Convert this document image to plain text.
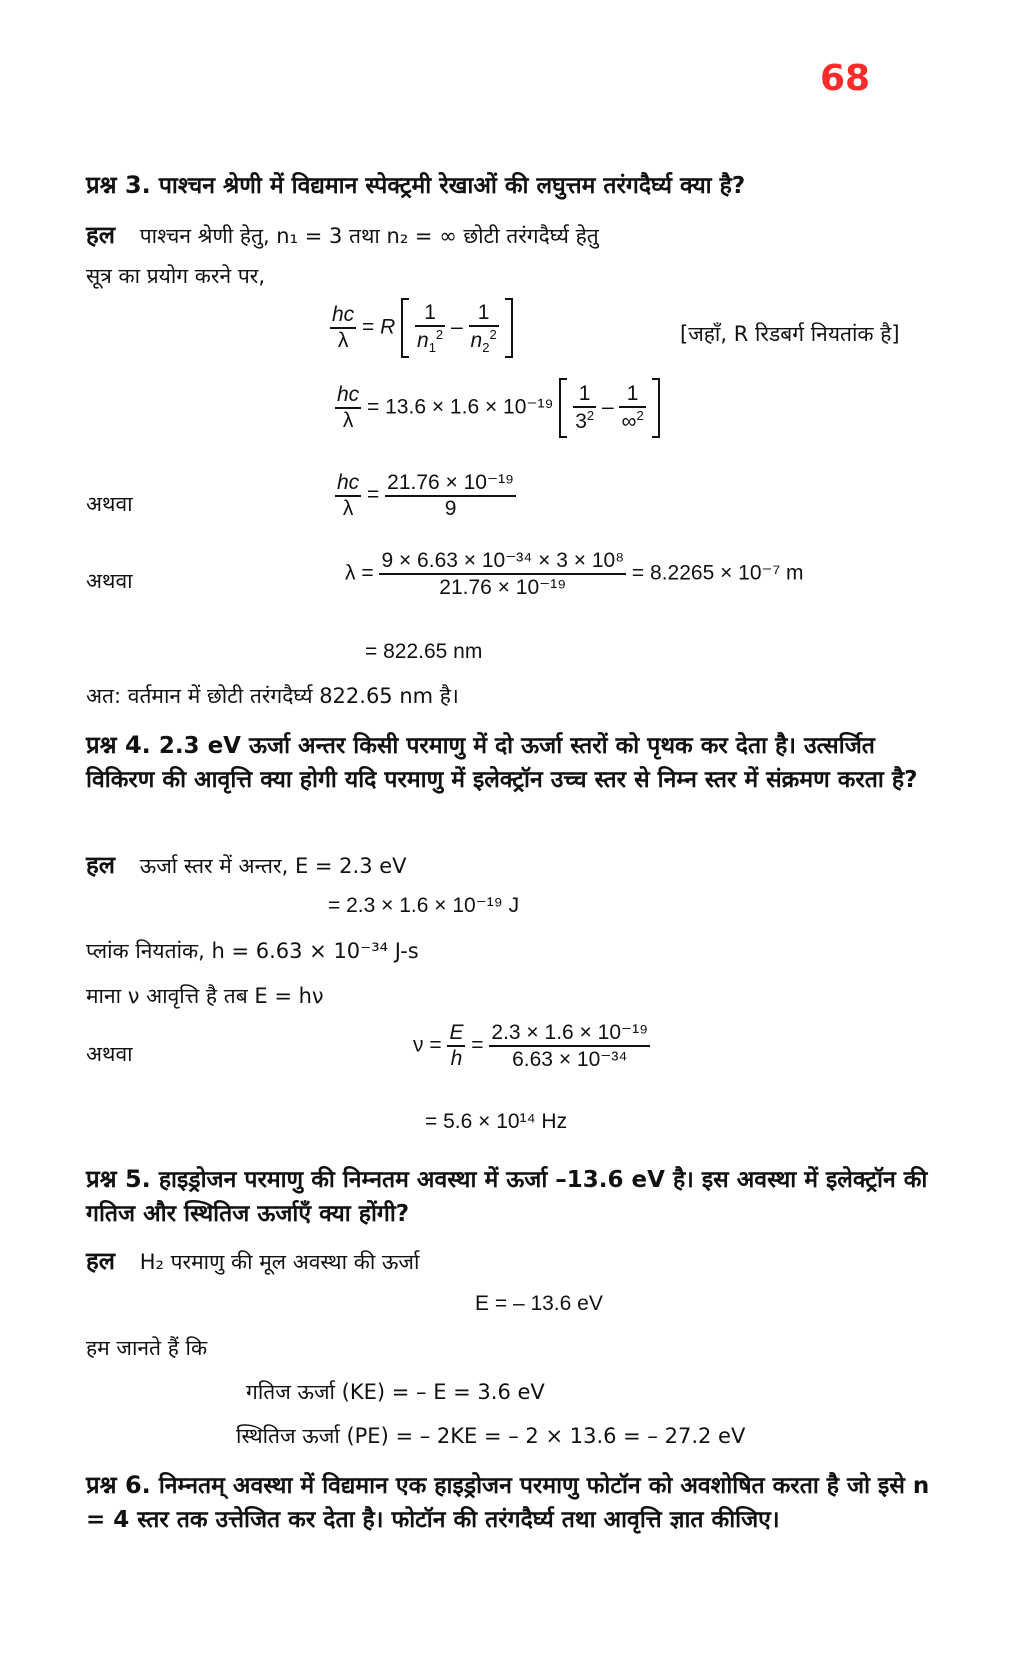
68
प्रश्न 3. पाश्चन श्रेणी में विद्यमान स्पेक्ट्रमी रेखाओं की लघुत्तम तरंगदैर्घ्य क्या है?
हल पाश्चन श्रेणी हेतु, n₁ = 3 तथा n₂ = ∞ छोटी तरंगदैर्घ्य हेतु
सूत्र का प्रयोग करने पर,
$\frac{hc}{\lambda} = R \frac{1}{n_1^2} - \frac{1}{n_2^2}$
	[जहाँ, R रिडबर्ग नियतांक है]
$\frac{hc}{\lambda} = 13.6 \times 1.6 \times 10^{-19} \frac{1}{3^2} - \frac{1}{\infty^2}$

अथवा	$\frac{hc}{\lambda} = \frac{\text{21.76 × 10⁻¹⁹}}{9}$
अथवा	$\lambda = \frac{\text{9 × 6.63 × 10⁻³⁴ × 3 × 10⁸}}{\text{21.76 × 10⁻¹⁹}} = 8.2265 \times 10^{-7}$ m
= 822.65 nm
अत: वर्तमान में छोटी तरंगदैर्घ्य 822.65 nm है।
प्रश्न 4. 2.3 eV ऊर्जा अन्तर किसी परमाणु में दो ऊर्जा स्तरों को पृथक कर देता है। उत्सर्जित विकिरण की आवृत्ति क्या होगी यदि परमाणु में इलेक्ट्रॉन उच्च स्तर से निम्न स्तर में संक्रमण करता है?
हल ऊर्जा स्तर में अन्तर, E = 2.3 eV
= 2.3 × 1.6 × 10⁻¹⁹ J
प्लांक नियतांक, h = 6.63 × 10⁻³⁴ J-s
माना ν आवृत्ति है तब E = hν
अथवा	$\nu = \frac{E}{h} = \frac{\text{2.3 × 1.6 × 10⁻¹⁹}}{\text{6.63 × 10⁻³⁴}}$
= 5.6 × 10¹⁴ Hz
प्रश्न 5. हाइड्रोजन परमाणु की निम्नतम अवस्था में ऊर्जा –13.6 eV है। इस अवस्था में इलेक्ट्रॉन की गतिज और स्थितिज ऊर्जाएँ क्या होंगी?
हल H₂ परमाणु की मूल अवस्था की ऊर्जा
E = – 13.6 eV
हम जानते हैं कि
गतिज ऊर्जा (KE) = – E = 3.6 eV
स्थितिज ऊर्जा (PE) = – 2KE = – 2 × 13.6 = – 27.2 eV
प्रश्न 6. निम्नतम् अवस्था में विद्यमान एक हाइड्रोजन परमाणु फोटॉन को अवशोषित करता है जो इसे n = 4 स्तर तक उत्तेजित कर देता है। फोटॉन की तरंगदैर्घ्य तथा आवृत्ति ज्ञात कीजिए।
